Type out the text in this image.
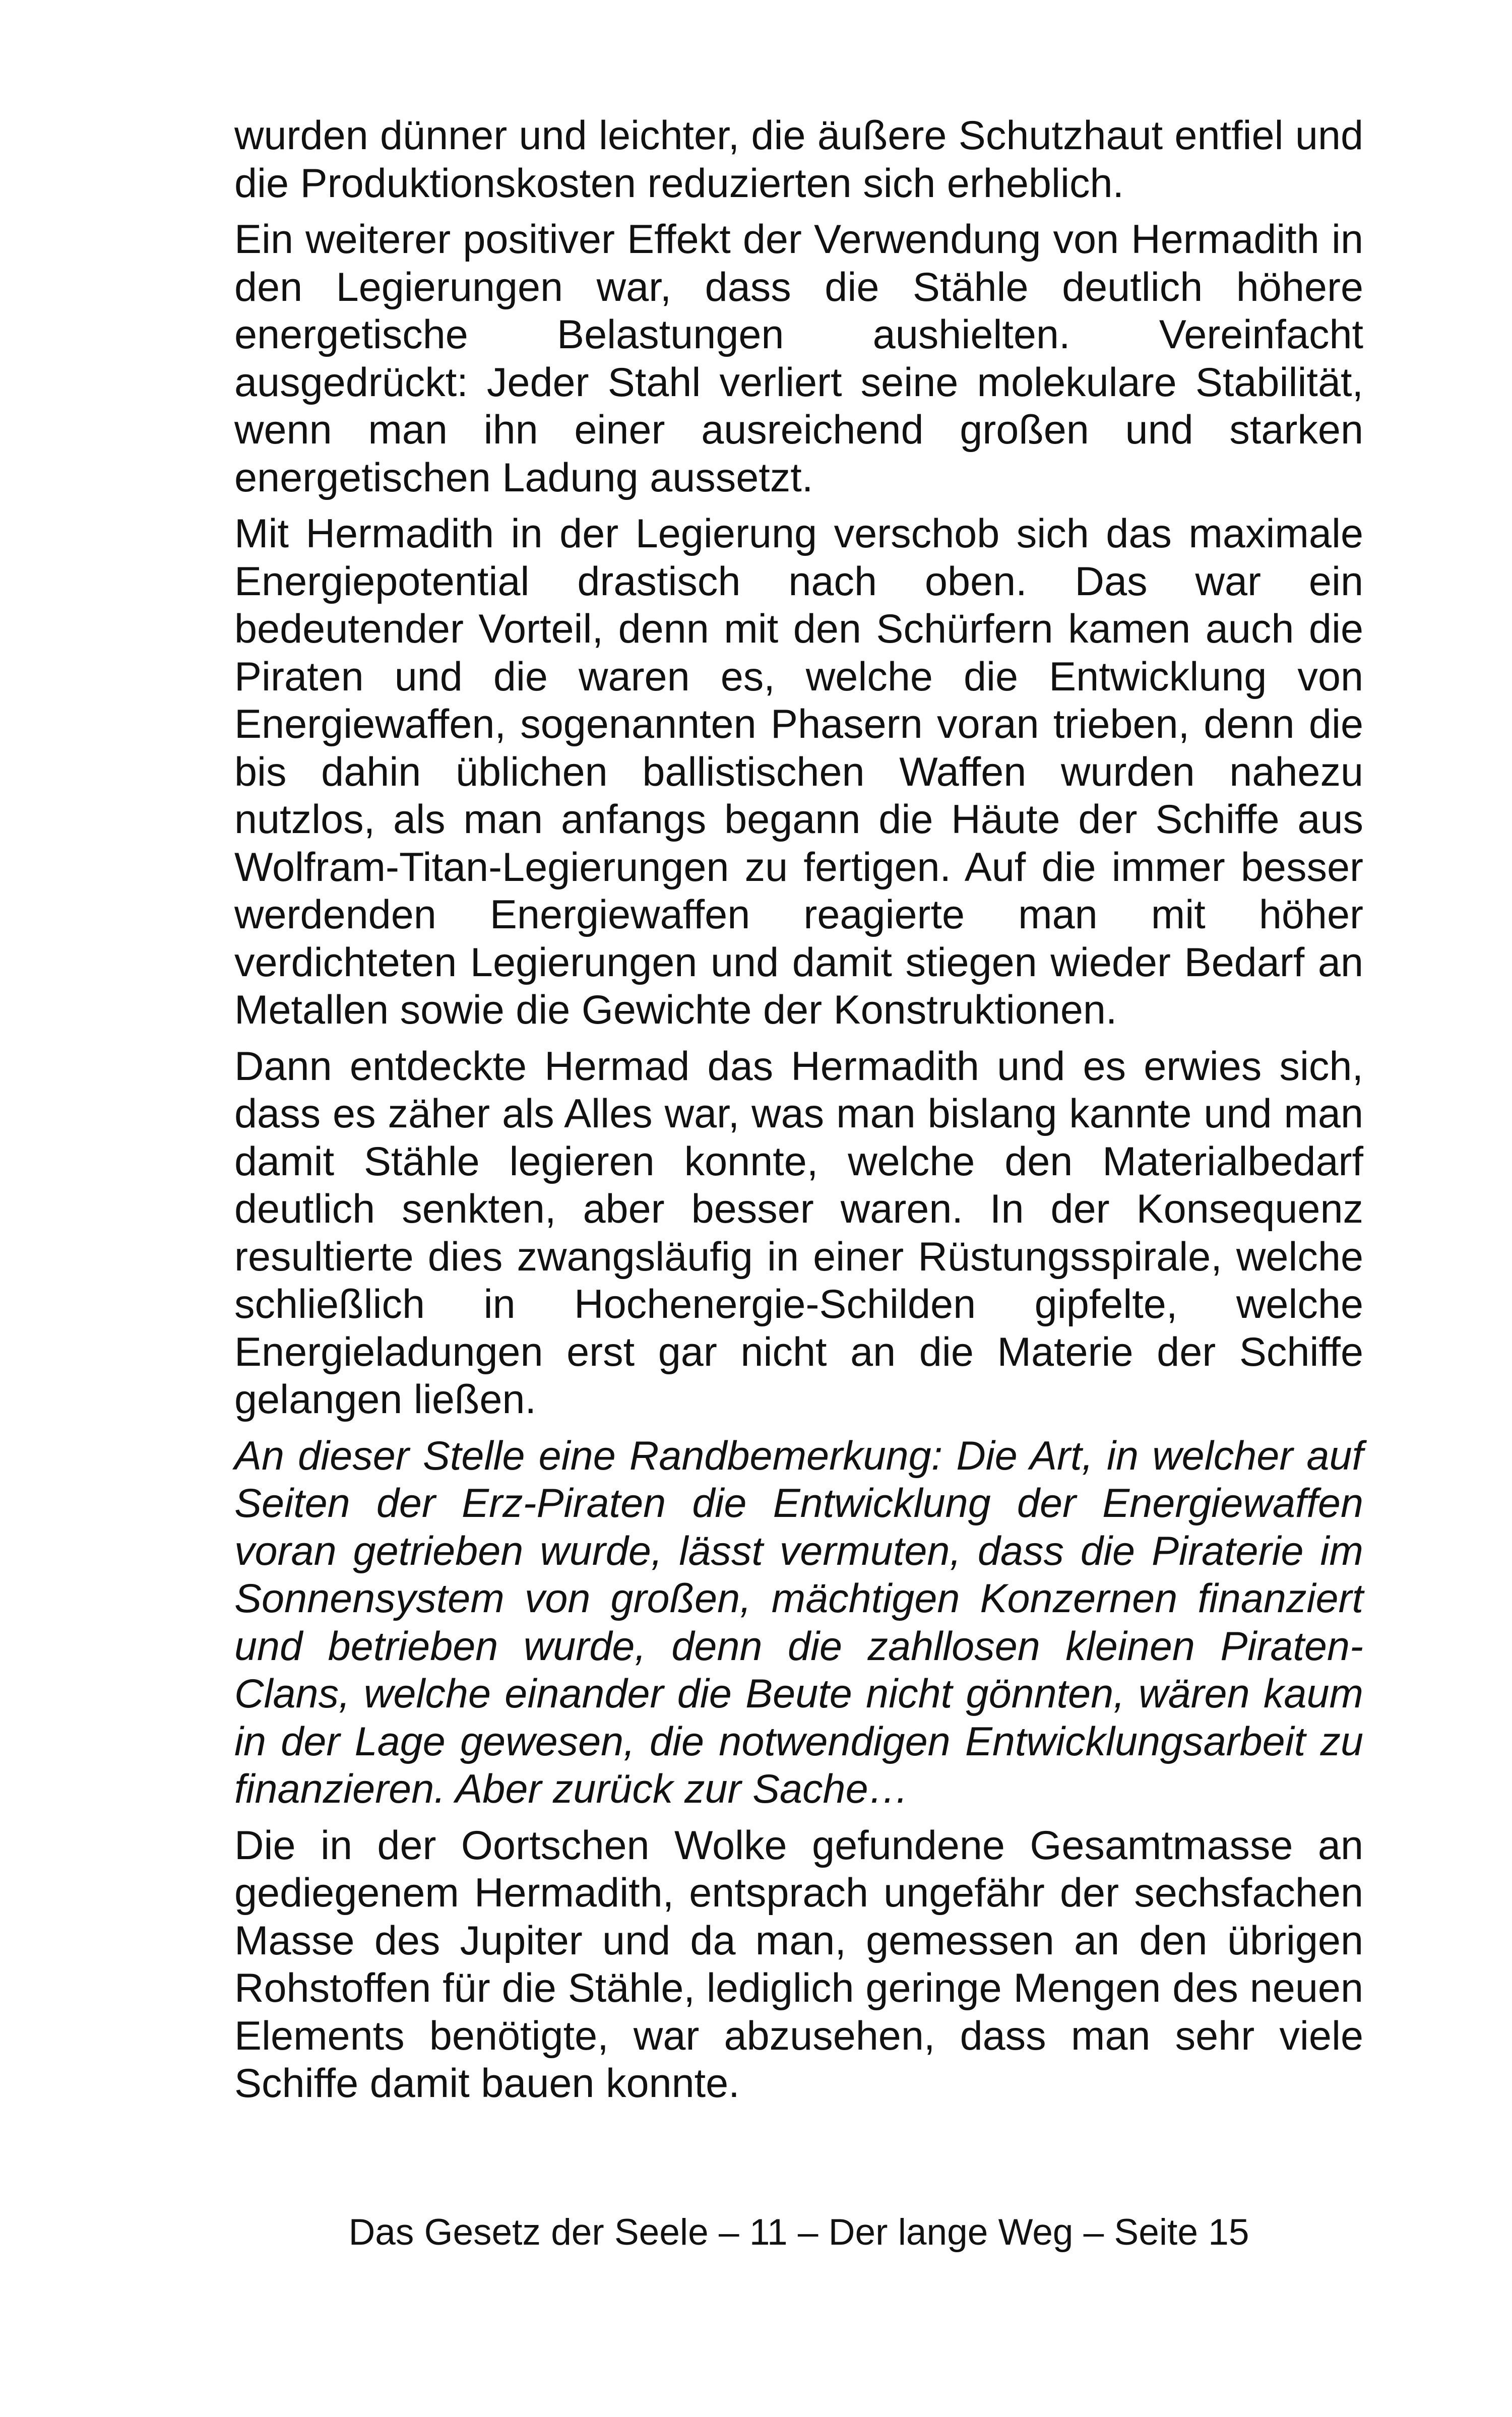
wurden dünner und leichter, die äußere Schutzhaut entfiel und die Produktionskosten reduzierten sich erheblich.

Ein weiterer positiver Effekt der Verwendung von Hermadith in den Legierungen war, dass die Stähle deutlich höhere energetische Belastungen aushielten. Vereinfacht ausgedrückt: Jeder Stahl verliert seine molekulare Stabilität, wenn man ihn einer ausreichend großen und starken energetischen Ladung aussetzt.

Mit Hermadith in der Legierung verschob sich das maximale Energiepotential drastisch nach oben. Das war ein bedeutender Vorteil, denn mit den Schürfern kamen auch die Piraten und die waren es, welche die Entwicklung von Energiewaffen, sogenannten Phasern voran trieben, denn die bis dahin üblichen ballistischen Waffen wurden nahezu nutzlos, als man anfangs begann die Häute der Schiffe aus Wolfram-Titan-Legierungen zu fertigen. Auf die immer besser werdenden Energiewaffen reagierte man mit höher verdichteten Legierungen und damit stiegen wieder Bedarf an Metallen sowie die Gewichte der Konstruktionen.

Dann entdeckte Hermad das Hermadith und es erwies sich, dass es zäher als Alles war, was man bislang kannte und man damit Stähle legieren konnte, welche den Materialbedarf deutlich senkten, aber besser waren. In der Konsequenz resultierte dies zwangsläufig in einer Rüstungsspirale, welche schließlich in Hochenergie-Schilden gipfelte, welche Energieladungen erst gar nicht an die Materie der Schiffe gelangen ließen.

An dieser Stelle eine Randbemerkung: Die Art, in welcher auf Seiten der Erz-Piraten die Entwicklung der Energiewaffen voran getrieben wurde, lässt vermuten, dass die Piraterie im Sonnensystem von großen, mächtigen Konzernen finanziert und betrieben wurde, denn die zahllosen kleinen Piraten-Clans, welche einander die Beute nicht gönnten, wären kaum in der Lage gewesen, die notwendigen Entwicklungsarbeit zu finanzieren. Aber zurück zur Sache…

Die in der Oortschen Wolke gefundene Gesamtmasse an gediegenem Hermadith, entsprach ungefähr der sechsfachen Masse des Jupiter und da man, gemessen an den übrigen Rohstoffen für die Stähle, lediglich geringe Mengen des neuen Elements benötigte, war abzusehen, dass man sehr viele Schiffe damit bauen konnte.

Das Gesetz der Seele – 11 – Der lange Weg – Seite 15
